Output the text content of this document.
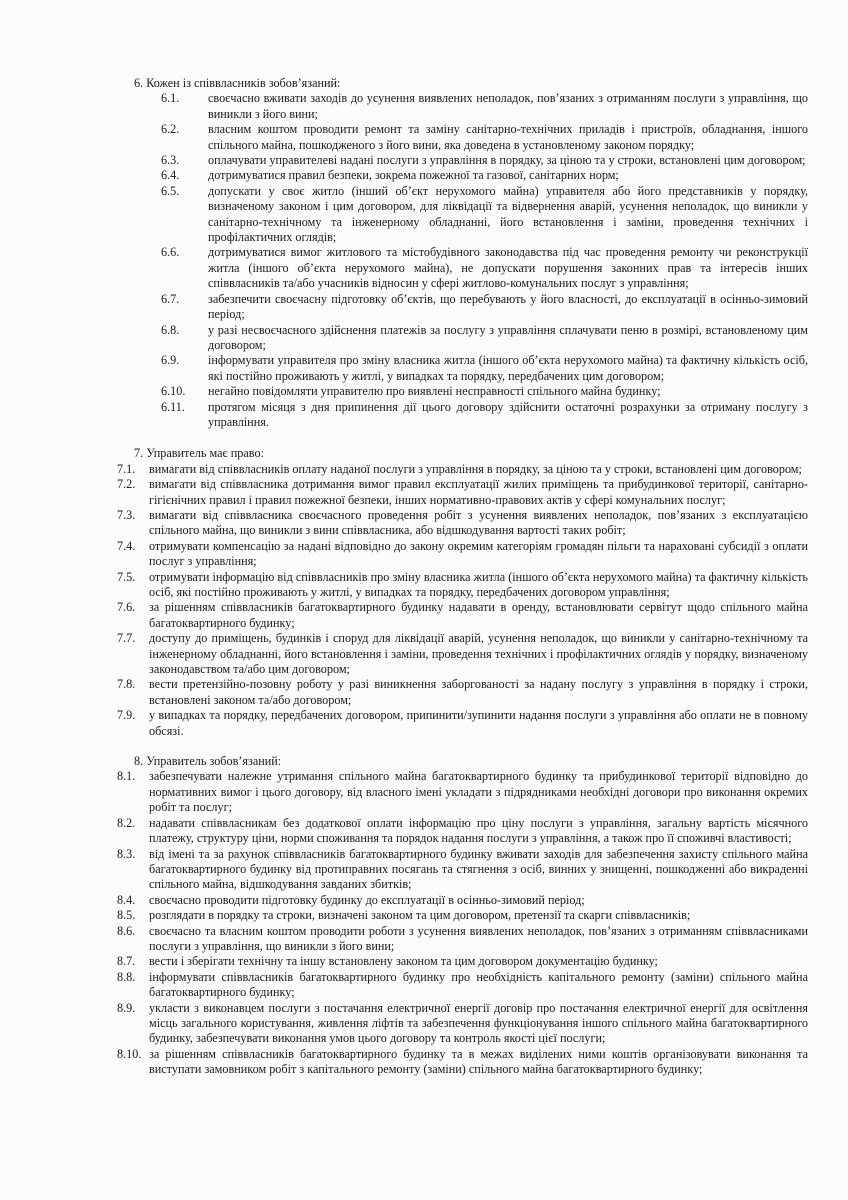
6. Кожен із співвласників зобов’язаний:
6.1.	своєчасно вживати заходів до усунення виявлених неполадок, пов’язаних з отриманням послуги з управління, що виникли з його вини;
6.2.	власним коштом проводити ремонт та заміну санітарно-технічних приладів і пристроїв, обладнання, іншого спільного майна, пошкодженого з його вини, яка доведена в установленому законом порядку;
6.3.	оплачувати управителеві надані послуги з управління в порядку, за ціною та у строки, встановлені цим договором;
6.4.	дотримуватися правил безпеки, зокрема пожежної та газової, санітарних норм;
6.5.	допускати у своє житло (інший об’єкт нерухомого майна) управителя або його представників у порядку, визначеному законом і цим договором, для ліквідації та відвернення аварій, усунення неполадок, що виникли у санітарно-технічному та інженерному обладнанні, його встановлення і заміни, проведення технічних і профілактичних оглядів;
6.6.	дотримуватися вимог житлового та містобудівного законодавства під час проведення ремонту чи реконструкції житла (іншого об’єкта нерухомого майна), не допускати порушення законних прав та інтересів інших співвласників та/або учасників відносин у сфері житлово-комунальних послуг з управління;
6.7.	забезпечити своєчасну підготовку об’єктів, що перебувають у його власності, до експлуатації в осінньо-зимовий період;
6.8.	у разі несвоєчасного здійснення платежів за послугу з управління сплачувати пеню в розмірі, встановленому цим договором;
6.9.	інформувати управителя про зміну власника житла (іншого об’єкта нерухомого майна) та фактичну кількість осіб, які постійно проживають у житлі, у випадках та порядку, передбачених цим договором;
6.10.	негайно повідомляти управителю про виявлені несправності спільного майна будинку;
6.11.	протягом місяця з дня припинення дії цього договору здійснити остаточні розрахунки за отриману послугу з управління.
7. Управитель має право:
7.1.	вимагати від співвласників оплату наданої послуги з управління в порядку, за ціною та у строки, встановлені цим договором;
7.2.	вимагати від співвласника дотримання вимог правил експлуатації жилих приміщень та прибудинкової території, санітарно-гігієнічних правил і правил пожежної безпеки, інших нормативно-правових актів у сфері комунальних послуг;
7.3.	вимагати від співвласника своєчасного проведення робіт з усунення виявлених неполадок, пов’язаних з експлуатацією спільного майна, що виникли з вини співвласника, або відшкодування вартості таких робіт;
7.4.	отримувати компенсацію за надані відповідно до закону окремим категоріям громадян пільги та нараховані субсидії з оплати послуг з управління;
7.5.	отримувати інформацію від співвласників про зміну власника житла (іншого об’єкта нерухомого майна) та фактичну кількість осіб, які постійно проживають у житлі, у випадках та порядку, передбачених договором управління;
7.6.	за рішенням співвласників багатоквартирного будинку надавати в оренду, встановлювати сервітут щодо спільного майна багатоквартирного будинку;
7.7.	доступу до приміщень, будинків і споруд для ліквідації аварій, усунення неполадок, що виникли у санітарно-технічному та інженерному обладнанні, його встановлення і заміни, проведення технічних і профілактичних оглядів у порядку, визначеному законодавством та/або цим договором;
7.8.	вести претензійно-позовну роботу у разі виникнення заборгованості за надану послугу з управління в порядку і строки, встановлені законом та/або договором;
7.9.	у випадках та порядку, передбачених договором, припинити/зупинити надання послуги з управління або оплати не в повному обсязі.
8. Управитель зобов’язаний:
8.1.	забезпечувати належне утримання спільного майна багатоквартирного будинку та прибудинкової території відповідно до нормативних вимог і цього договору, від власного імені укладати з підрядниками необхідні договори про виконання окремих робіт та послуг;
8.2.	надавати співвласникам без додаткової оплати інформацію про ціну послуги з управління, загальну вартість місячного платежу, структуру ціни, норми споживання та порядок надання послуги з управління, а також про її споживчі властивості;
8.3.	від імені та за рахунок співвласників багатоквартирного будинку вживати заходів для забезпечення захисту спільного майна багатоквартирного будинку від протиправних посягань та стягнення з осіб, винних у знищенні, пошкодженні або викраденні спільного майна, відшкодування завданих збитків;
8.4.	своєчасно проводити підготовку будинку до експлуатації в осінньо-зимовий період;
8.5.	розглядати в порядку та строки, визначені законом та цим договором, претензії та скарги співвласників;
8.6.	своєчасно та власним коштом проводити роботи з усунення виявлених неполадок, пов’язаних з отриманням співвласниками послуги з управління, що виникли з його вини;
8.7.	вести і зберігати технічну та іншу встановлену законом та цим договором документацію будинку;
8.8.	інформувати співвласників багатоквартирного будинку про необхідність капітального ремонту (заміни) спільного майна багатоквартирного будинку;
8.9.	укласти з виконавцем послуги з постачання електричної енергії договір про постачання електричної енергії для освітлення місць загального користування, живлення ліфтів та забезпечення функціонування іншого спільного майна багатоквартирного будинку, забезпечувати виконання умов цього договору та контроль якості цієї послуги;
8.10. за рішенням співвласників багатоквартирного будинку та в межах виділених ними коштів організовувати виконання та виступати замовником робіт з капітального ремонту (заміни) спільного майна багатоквартирного будинку;
